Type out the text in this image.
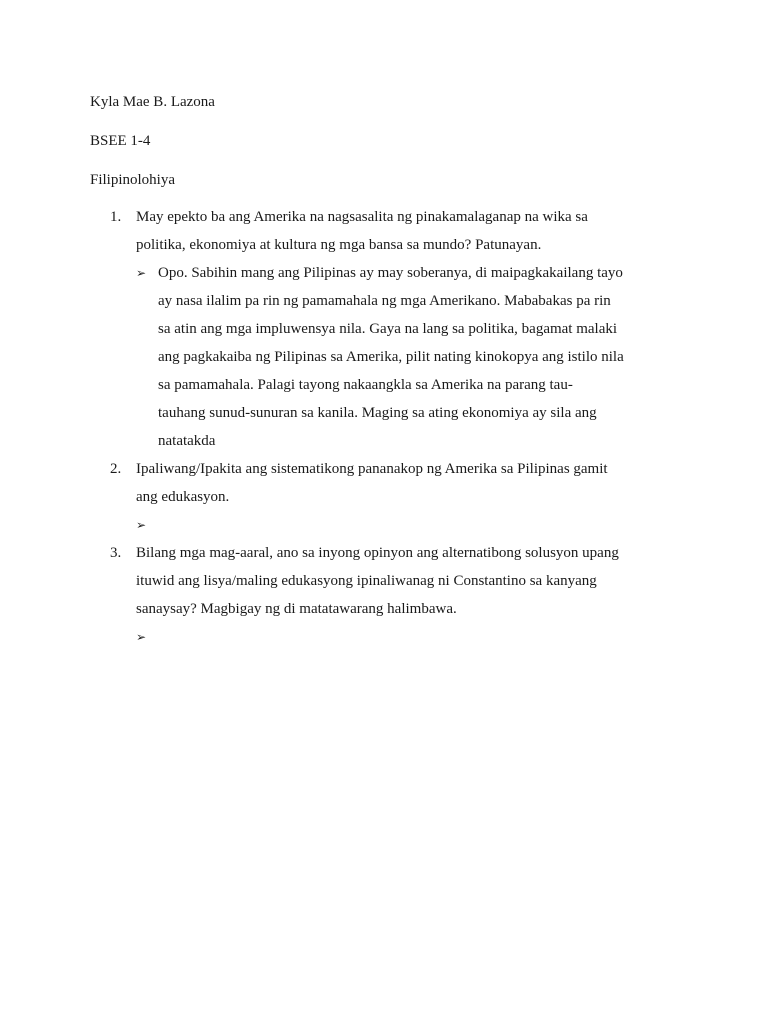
Kyla Mae B. Lazona

BSEE 1-4

Filipinolohiya

1. May epekto ba ang Amerika na nagsasalita ng pinakamalaganap na wika sa
politika, ekonomiya at kultura ng mga bansa sa mundo? Patunayan.
➢ Opo. Sabihin mang ang Pilipinas ay may soberanya, di maipagkakailang tayo
ay nasa ilalim pa rin ng pamamahala ng mga Amerikano. Mababakas pa rin
sa atin ang mga impluwensya nila. Gaya na lang sa politika, bagamat malaki
ang pagkakaiba ng Pilipinas sa Amerika, pilit nating kinokopya ang istilo nila
sa pamamahala. Palagi tayong nakaangkla sa Amerika na parang tau-
tauhang sunud-sunuran sa kanila. Maging sa ating ekonomiya ay sila ang
natatakda
2. Ipaliwang/Ipakita ang sistematikong pananakop ng Amerika sa Pilipinas gamit
ang edukasyon.
➢
3. Bilang mga mag-aaral, ano sa inyong opinyon ang alternatibong solusyon upang
ituwid ang lisya/maling edukasyong ipinaliwanag ni Constantino sa kanyang
sanaysay? Magbigay ng di matatawarang halimbawa.
➢
